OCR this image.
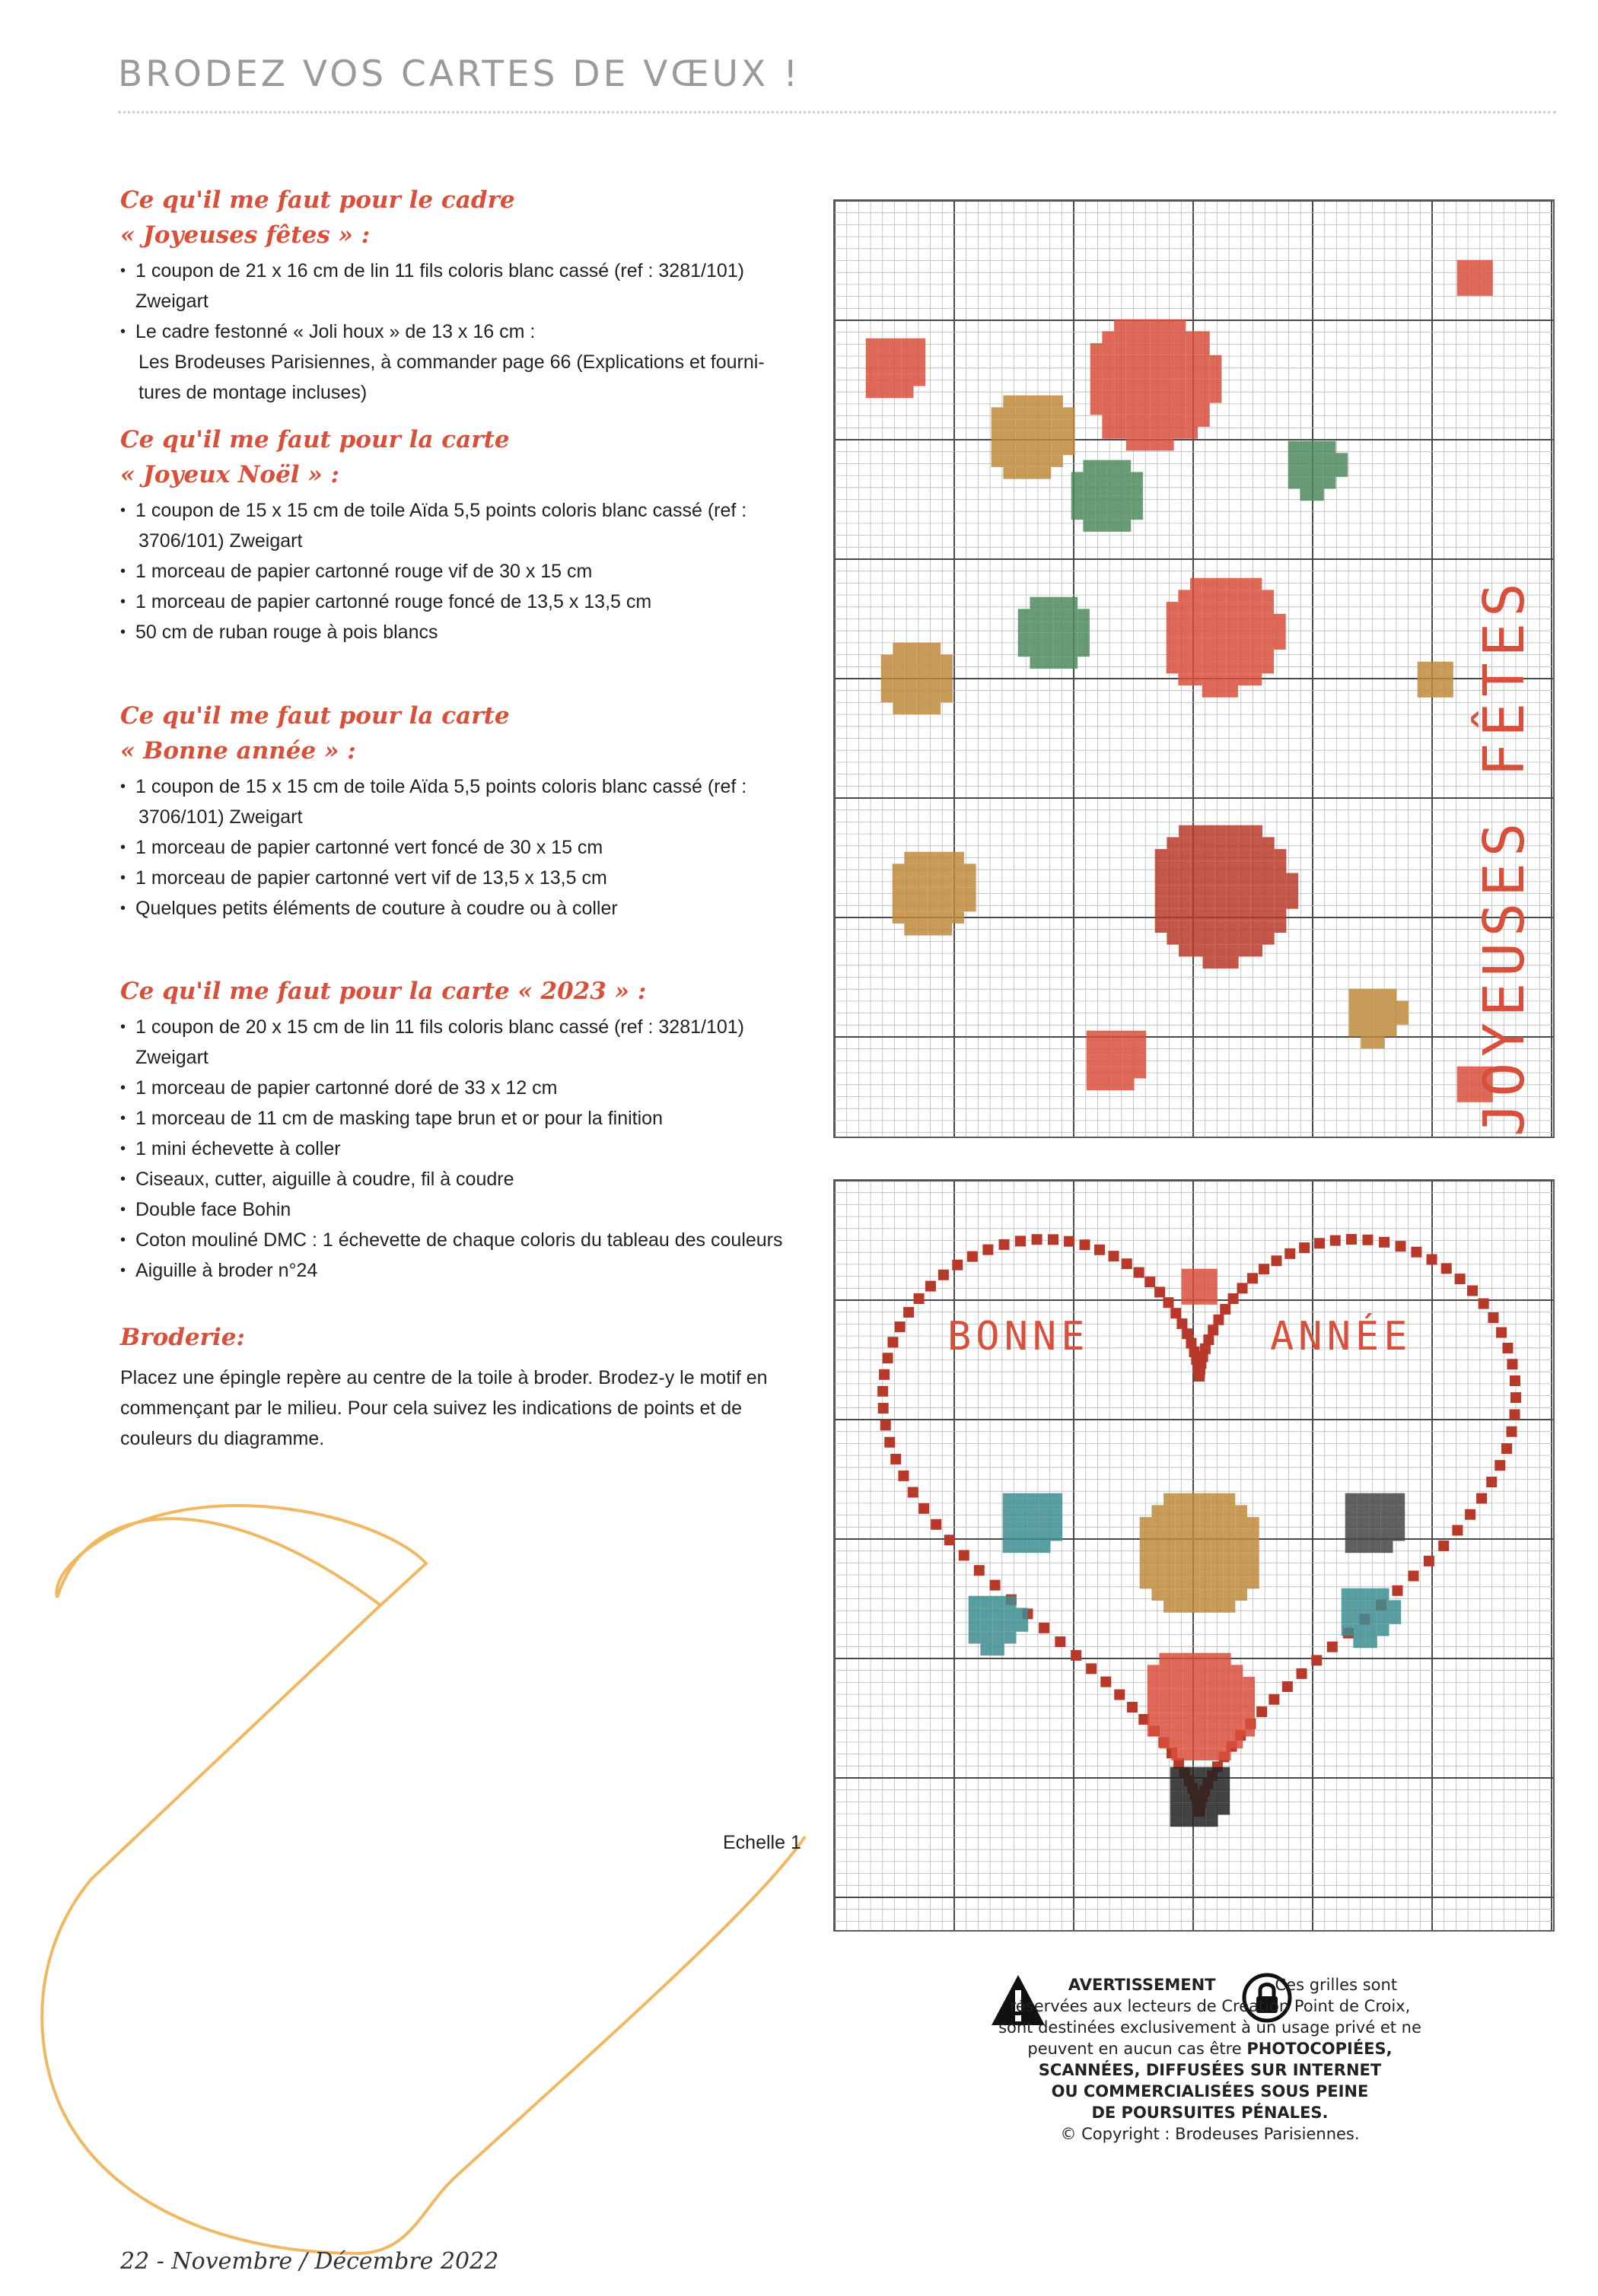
BRODEZ VOS CARTES DE VŒUX !

Ce qu'il me faut pour le cadre

« Joyeuses fêtes » :

• 1 coupon de 21 x 16 cm de lin 11 fils coloris blanc cassé (ref : 3281/101) Zweigart
• Le cadre festonné « Joli houx » de 13 x 16 cm :
Les Brodeuses Parisiennes, à commander page 66 (Explications et fourni-
tures de montage incluses)

Ce qu'il me faut pour la carte

« Joyeux Noël » :

• 1 coupon de 15 x 15 cm de toile Aïda 5,5 points coloris blanc cassé (ref :
3706/101) Zweigart
• 1 morceau de papier cartonné rouge vif de 30 x 15 cm
• 1 morceau de papier cartonné rouge foncé de 13,5 x 13,5 cm
• 50 cm de ruban rouge à pois blancs

Ce qu'il me faut pour la carte

« Bonne année » :

• 1 coupon de 15 x 15 cm de toile Aïda 5,5 points coloris blanc cassé (ref :
3706/101) Zweigart
• 1 morceau de papier cartonné vert foncé de 30 x 15 cm
• 1 morceau de papier cartonné vert vif de 13,5 x 13,5 cm
• Quelques petits éléments de couture à coudre ou à coller

Ce qu'il me faut pour la carte « 2023 » :

• 1 coupon de 20 x 15 cm de lin 11 fils coloris blanc cassé (ref : 3281/101) Zweigart
• 1 morceau de papier cartonné doré de 33 x 12 cm
• 1 morceau de 11 cm de masking tape brun et or pour la finition
• 1 mini échevette à coller
• Ciseaux, cutter, aiguille à coudre, fil à coudre
• Double face Bohin
• Coton mouliné DMC : 1 échevette de chaque coloris du tableau des couleurs
• Aiguille à broder n°24

Broderie:

Placez une épingle repère au centre de la toile à broder. Brodez-y le motif en
commençant par le milieu. Pour cela suivez les indications de points et de
couleurs du diagramme.

Echelle 1
JOYEUSES FÊTES
BONNE	ANNÉE
AVERTISSEMENT	Ces grilles sont
réservées aux lecteurs de Création Point de Croix,
sont destinées exclusivement à un usage privé et ne
peuvent en aucun cas être PHOTOCOPIÉES,
SCANNÉES, DIFFUSÉES SUR INTERNET
OU COMMERCIALISÉES SOUS PEINE
DE POURSUITES PÉNALES.
© Copyright : Brodeuses Parisiennes.
22 - Novembre / Décembre 2022
